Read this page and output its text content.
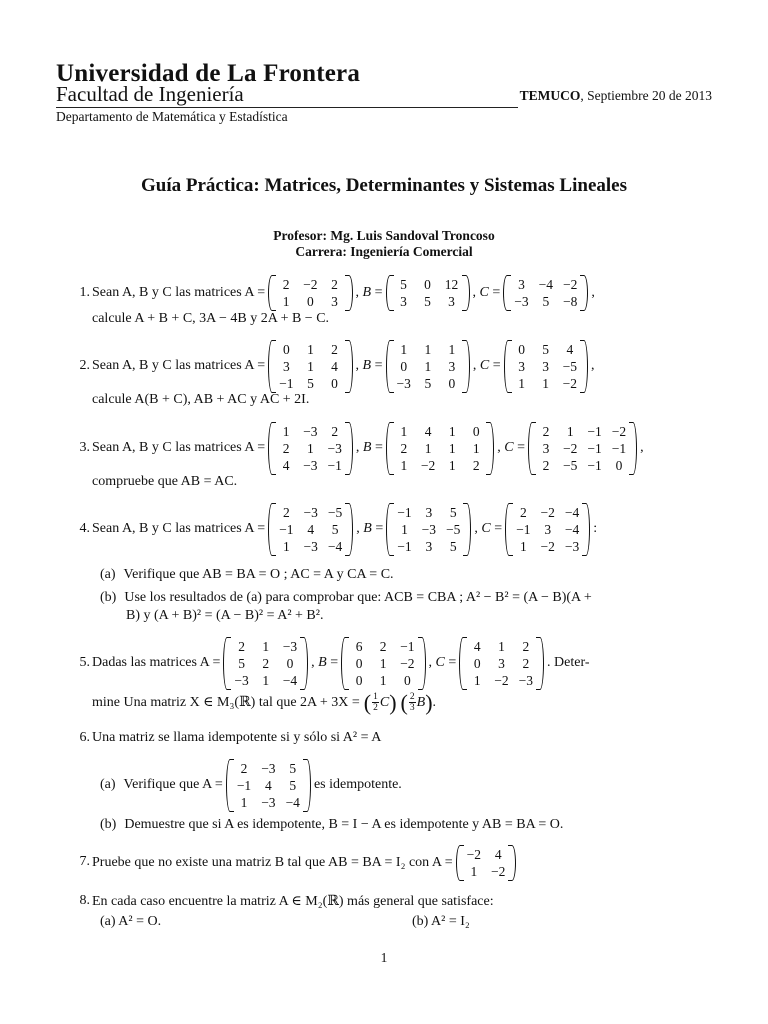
Universidad de La Frontera
Facultad de Ingeniería	TEMUCO, Septiembre 20 de 2013
Departamento de Matemática y Estadística
Guía Práctica: Matrices, Determinantes y Sistemas Lineales
Profesor: Mg. Luis Sandoval Troncoso
Carrera: Ingeniería Comercial
1. Sean A, B y C las matrices A =
2 −2 2
1 0 3
, B =
5 0 12
3 5 3
, C =
3 −4 −2
−3 5 −8
,
calcule A + B + C, 3A − 4B y 2A + B − C.
2. Sean A, B y C las matrices A =
0 1 2
3 1 4
−1 5 0
, B =
1 1 1
0 1 3
−3 5 0
, C =
0 5 4
3 3 −5
1 1 −2
,
calcule A(B + C), AB + AC y AC + 2I.
3. Sean A, B y C las matrices A =
1 −3 2
2 1 −3
4 −3 −1
, B =
1 4 1 0
2 1 1 1
1 −2 1 2
, C =
2 1 −1 −2
3 −2 −1 −1
2 −5 −1 0
,
compruebe que AB = AC.
4. Sean A, B y C las matrices A =
2 −3 −5
−1 4 5
1 −3 −4
, B =
−1 3 5
1 −3 −5
−1 3 5
, C =
2 −2 −4
−1 3 −4
1 −2 −3
:
(a) Verifique que AB = BA = O ; AC = A y CA = C.
(b) Use los resultados de (a) para comprobar que: ACB = CBA ; A² − B² = (A − B)(A +
B) y (A + B)² = (A − B)² = A² + B².
5. Dadas las matrices A =
2 1 −3
5 2 0
−3 1 −4
, B =
6 2 −1
0 1 −2
0 1 0
, C =
4 1 2
0 3 2
1 −2 −3
. Deter-
mine Una matriz X ∈ M₃(ℝ) tal que 2A + 3X = ( $\frac{1}{2}$ C ) ( $\frac{2}{3}$ B ) .
6. Una matriz se llama idempotente si y sólo si A² = A
(a) Verifique que A =
2 −3 5
−1 4 5
1 −3 −4
es idempotente.
(b) Demuestre que si A es idempotente, B = I − A es idempotente y AB = BA = O.
7. Pruebe que no existe una matriz B tal que AB = BA = I₂ con A =
−2 4
1 −2
8. En cada caso encuentre la matriz A ∈ M₂(ℝ) más general que satisface:
(a) A² = O.	(b) A² = I₂
1
